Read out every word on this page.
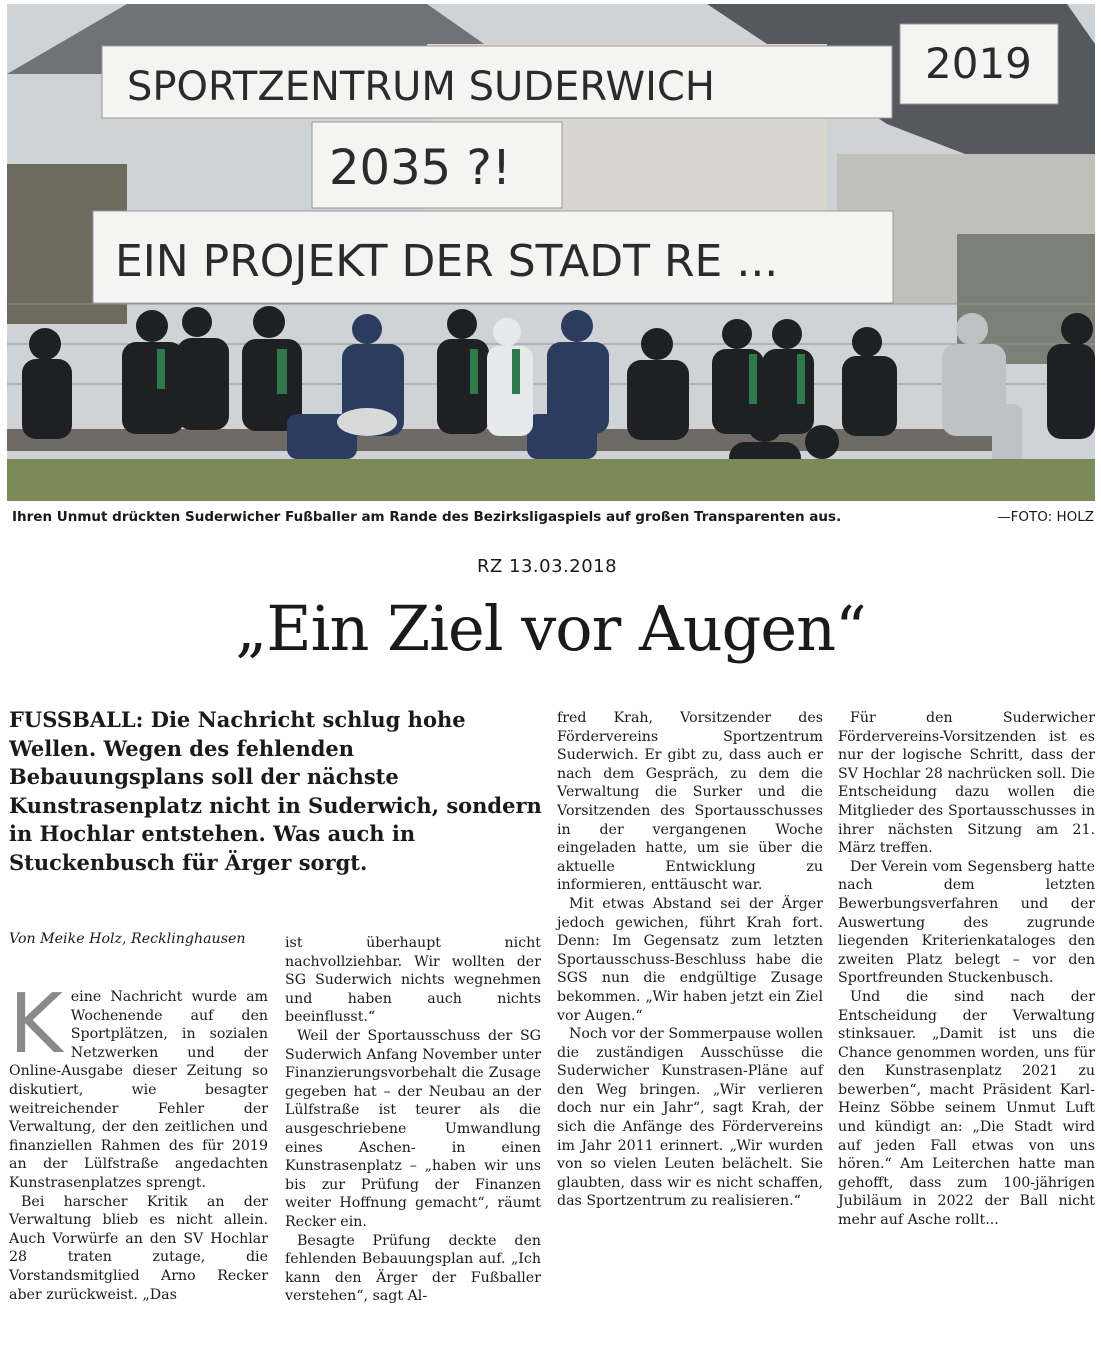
SPORTZENTRUM SUDERWICH	2019
2035 ?!
EIN PROJEKT DER STADT RE ...
Ihren Unmut drückten Suderwicher Fußballer am Rande des Bezirksligaspiels auf großen Transparenten aus.	—FOTO: HOLZ
RZ 13.03.2018
„Ein Ziel vor Augen“

FUSSBALL: Die Nachricht schlug hohe Wellen. Wegen des fehlenden Bebauungsplans soll der nächste Kunstrasenplatz nicht in Suderwich, sondern in Hochlar entstehen. Was auch in Stuckenbusch für Ärger sorgt.

Von Meike Holz, Recklinghausen

Keine Nachricht wurde am Wochenende auf den Sportplätzen, in sozialen Netzwerken und der Online-Ausgabe dieser Zeitung so diskutiert, wie besagter weitreichender Fehler der Verwaltung, der den zeitlichen und finanziellen Rahmen des für 2019 an der Lülfstraße angedachten Kunstrasenplatzes sprengt.

Bei harscher Kritik an der Verwaltung blieb es nicht allein. Auch Vorwürfe an den SV Hochlar 28 traten zutage, die Vorstandsmitglied Arno Recker aber zurückweist. „Das

ist überhaupt nicht nachvollziehbar. Wir wollten der SG Suderwich nichts wegnehmen und haben auch nichts beeinflusst.“

Weil der Sportausschuss der SG Suderwich Anfang November unter Finanzierungsvorbehalt die Zusage gegeben hat – der Neubau an der Lülfstraße ist teurer als die ausgeschriebene Umwandlung eines Aschen- in einen Kunstrasenplatz – „haben wir uns bis zur Prüfung der Finanzen weiter Hoffnung gemacht“, räumt Recker ein.

Besagte Prüfung deckte den fehlenden Bebauungsplan auf. „Ich kann den Ärger der Fußballer verstehen“, sagt Al-

fred Krah, Vorsitzender des Fördervereins Sportzentrum Suderwich. Er gibt zu, dass auch er nach dem Gespräch, zu dem die Verwaltung die Surker und die Vorsitzenden des Sportausschusses in der vergangenen Woche eingeladen hatte, um sie über die aktuelle Entwicklung zu informieren, enttäuscht war.

Mit etwas Abstand sei der Ärger jedoch gewichen, führt Krah fort. Denn: Im Gegensatz zum letzten Sportausschuss-Beschluss habe die SGS nun die endgültige Zusage bekommen. „Wir haben jetzt ein Ziel vor Augen.“

Noch vor der Sommerpause wollen die zuständigen Ausschüsse die Suderwicher Kunstrasen-Pläne auf den Weg bringen. „Wir verlieren doch nur ein Jahr“, sagt Krah, der sich die Anfänge des Fördervereins im Jahr 2011 erinnert. „Wir wurden von so vielen Leuten belächelt. Sie glaubten, dass wir es nicht schaffen, das Sportzentrum zu realisieren.“

Für den Suderwicher Fördervereins-Vorsitzenden ist es nur der logische Schritt, dass der SV Hochlar 28 nachrücken soll. Die Entscheidung dazu wollen die Mitglieder des Sportausschusses in ihrer nächsten Sitzung am 21. März treffen.

Der Verein vom Segensberg hatte nach dem letzten Bewerbungsverfahren und der Auswertung des zugrunde liegenden Kriterienkataloges den zweiten Platz belegt – vor den Sportfreunden Stuckenbusch.

Und die sind nach der Entscheidung der Verwaltung stinksauer. „Damit ist uns die Chance genommen worden, uns für den Kunstrasenplatz 2021 zu bewerben“, macht Präsident Karl-Heinz Söbbe seinem Unmut Luft und kündigt an: „Die Stadt wird auf jeden Fall etwas von uns hören.“ Am Leiterchen hatte man gehofft, dass zum 100-jährigen Jubiläum in 2022 der Ball nicht mehr auf Asche rollt...
